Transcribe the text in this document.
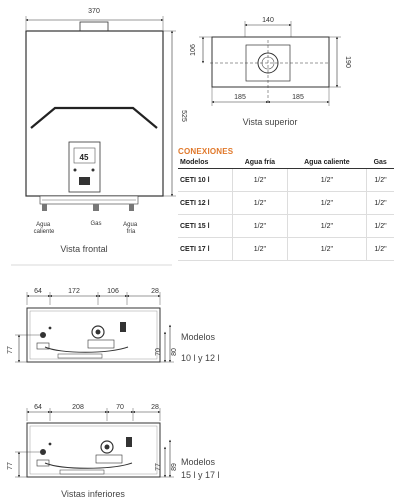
370
45
525
Agua caliente
Gas	Agua fría
Vista frontal
140
106
190
185	185
Vista superior
64	172	106	28
77	70 80
Modelos
10 l y 12 l
64	208	70	28
77	77 89 Modelos
15 l y 17 l
Vistas inferiores
CONEXIONES
Modelos	Agua fría	Agua caliente	Gas
CETI 10 l	1/2"	1/2"	1/2"
CETI 12 l	1/2"	1/2"	1/2"
CETI 15 l	1/2"	1/2"	1/2"
CETI 17 l	1/2"	1/2"	1/2"
